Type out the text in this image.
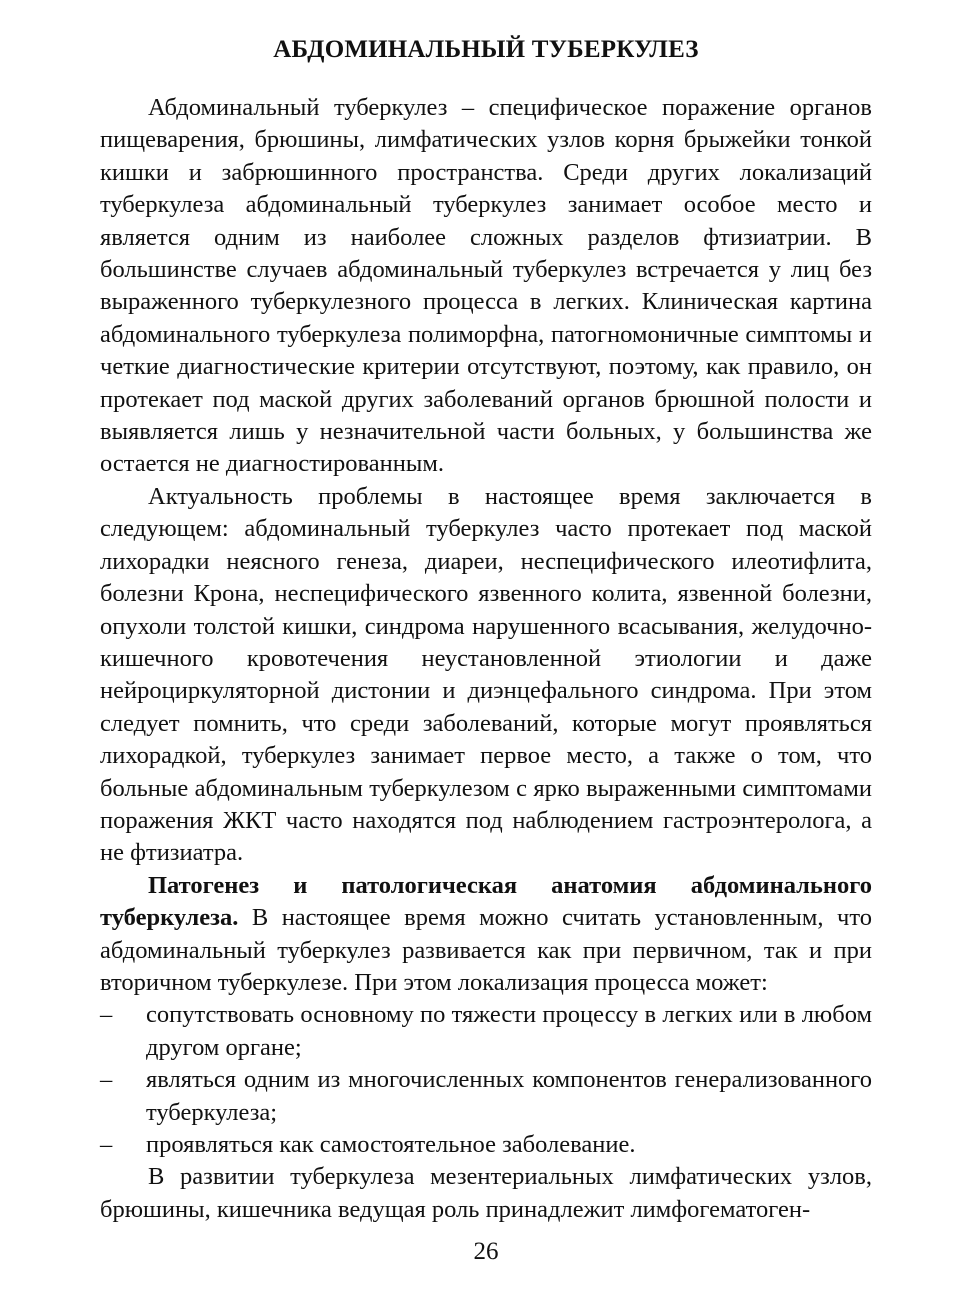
АБДОМИНАЛЬНЫЙ ТУБЕРКУЛЕЗ

Абдоминальный туберкулез – специфическое поражение органов пищеварения, брюшины, лимфатических узлов корня брыжейки тонкой кишки и забрюшинного пространства. Среди других локализаций туберкулеза абдоминальный туберкулез занимает особое место и является одним из наиболее сложных разделов фтизиатрии. В большинстве случаев абдоминальный туберкулез встречается у лиц без выраженного туберкулезного процесса в легких. Клиническая картина абдоминального туберкулеза полиморфна, патогномоничные симптомы и четкие диагностические критерии отсутствуют, поэтому, как правило, он протекает под маской других заболеваний органов брюшной полости и выявляется лишь у незначительной части больных, у большинства же остается не диагностированным.

Актуальность проблемы в настоящее время заключается в следующем: абдоминальный туберкулез часто протекает под маской лихорадки неясного генеза, диареи, неспецифического илеотифлита, болезни Крона, неспецифического язвенного колита, язвенной болезни, опухоли толстой кишки, синдрома нарушенного всасывания, желудочно-кишечного кровотечения неустановленной этиологии и даже нейроциркуляторной дистонии и диэнцефального синдрома. При этом следует помнить, что среди заболеваний, которые могут проявляться лихорадкой, туберкулез занимает первое место, а также о том, что больные абдоминальным туберкулезом с ярко выраженными симптомами поражения ЖКТ часто находятся под наблюдением гастроэнтеролога, а не фтизиатра.

Патогенез и патологическая анатомия абдоминального туберкулеза. В настоящее время можно считать установленным, что абдоминальный туберкулез развивается как при первичном, так и при вторичном туберкулезе. При этом локализация процесса может:

– сопутствовать основному по тяжести процессу в легких или в любом другом органе;
– являться одним из многочисленных компонентов генерализованного туберкулеза;
– проявляться как самостоятельное заболевание.

В развитии туберкулеза мезентериальных лимфатических узлов, брюшины, кишечника ведущая роль принадлежит лимфогематоген-

26
